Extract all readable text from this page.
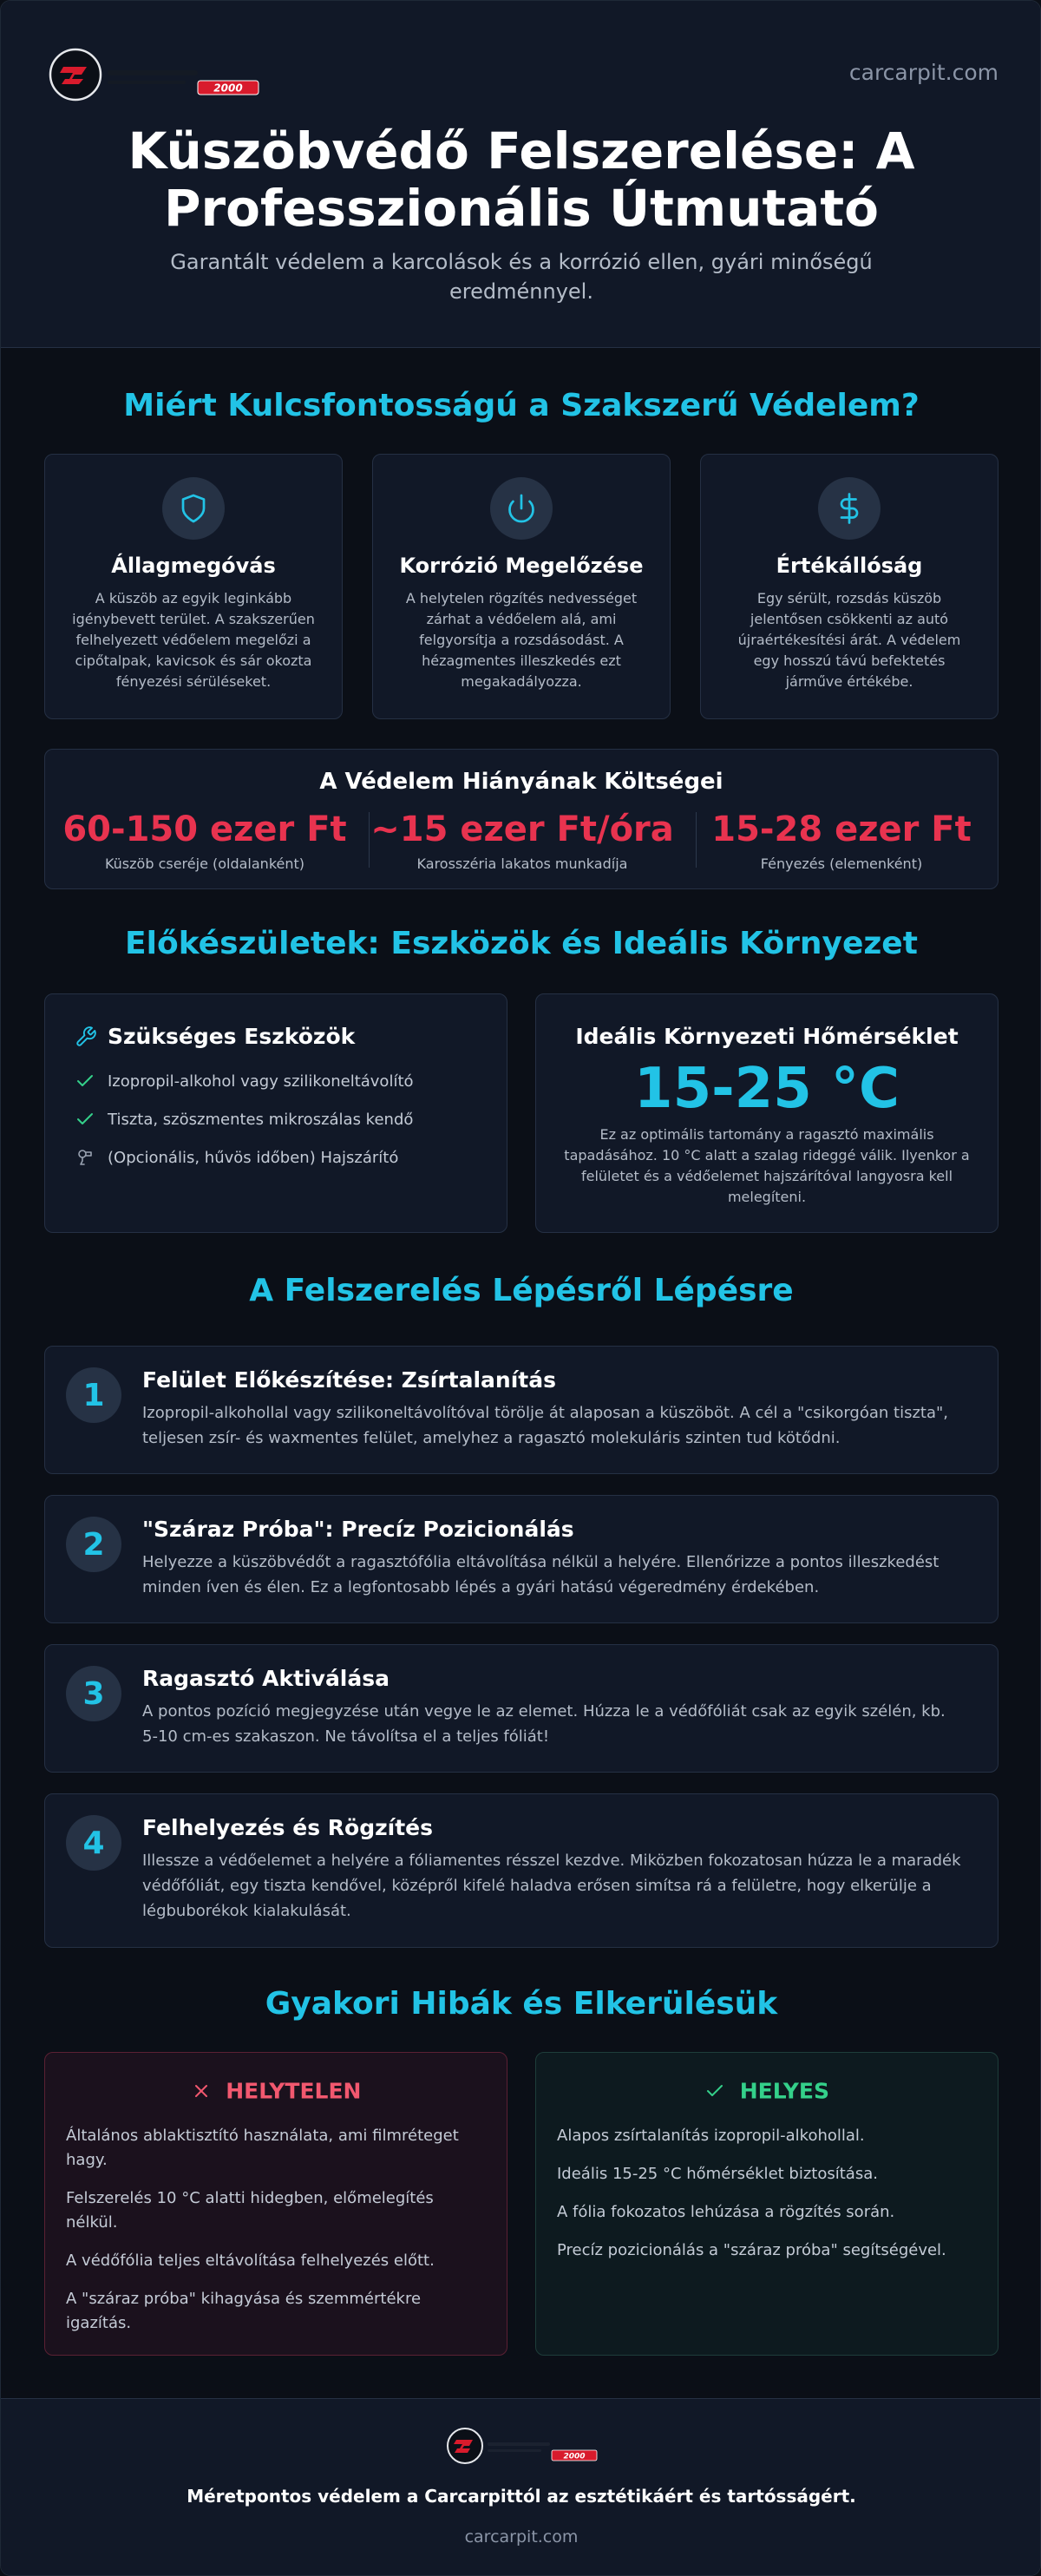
2000
carcarpit.com
Küszöbvédő Felszerelése: A
Professzionális Útmutató
Garantált védelem a karcolások és a korrózió ellen, gyári minőségű eredménnyel.
Miért Kulcsfontosságú a Szakszerű Védelem?
Állagmegóvás
A küszöb az egyik leginkább igénybevett terület. A szakszerűen felhelyezett védőelem megelőzi a cipőtalpak, kavicsok és sár okozta fényezési sérüléseket.
Korrózió Megelőzése
A helytelen rögzítés nedvességet zárhat a védőelem alá, ami felgyorsítja a rozsdásodást. A hézagmentes illeszkedés ezt megakadályozza.
Értékállóság
Egy sérült, rozsdás küszöb jelentősen csökkenti az autó újraértékesítési árát. A védelem egy hosszú távú befektetés járműve értékébe.
A Védelem Hiányának Költségei
60-150 ezer Ft
Küszöb cseréje (oldalanként)
~15 ezer Ft/óra
Karosszéria lakatos munkadíja
15-28 ezer Ft
Fényezés (elemenként)
Előkészületek: Eszközök és Ideális Környezet
Szükséges Eszközök
Izopropil-alkohol vagy szilikoneltávolító
Tiszta, szöszmentes mikroszálas kendő
(Opcionális, hűvös időben) Hajszárító
Ideális Környezeti Hőmérséklet
15-25 °C
Ez az optimális tartomány a ragasztó maximális tapadásához. 10 °C alatt a szalag rideggé válik. Ilyenkor a felületet és a védőelemet hajszárítóval langyosra kell melegíteni.
A Felszerelés Lépésről Lépésre
1	Felület Előkészítése: Zsírtalanítás
Izopropil-alkohollal vagy szilikoneltávolítóval törölje át alaposan a küszöböt. A cél a "csikorgóan tiszta", teljesen zsír- és waxmentes felület, amelyhez a ragasztó molekuláris szinten tud kötődni.
2	"Száraz Próba": Precíz Pozicionálás
Helyezze a küszöbvédőt a ragasztófólia eltávolítása nélkül a helyére. Ellenőrizze a pontos illeszkedést minden íven és élen. Ez a legfontosabb lépés a gyári hatású végeredmény érdekében.
3	Ragasztó Aktiválása
A pontos pozíció megjegyzése után vegye le az elemet. Húzza le a védőfóliát csak az egyik szélén, kb. 5-10 cm-es szakaszon. Ne távolítsa el a teljes fóliát!
4	Felhelyezés és Rögzítés
Illessze a védőelemet a helyére a fóliamentes résszel kezdve. Miközben fokozatosan húzza le a maradék védőfóliát, egy tiszta kendővel, középről kifelé haladva erősen simítsa rá a felületre, hogy elkerülje a légbuborékok kialakulását.
Gyakori Hibák és Elkerülésük
HELYTELEN
Általános ablaktisztító használata, ami filmréteget hagy.
Felszerelés 10 °C alatti hidegben, előmelegítés nélkül.
A védőfólia teljes eltávolítása felhelyezés előtt.
A "száraz próba" kihagyása és szemmértékre igazítás.
HELYES
Alapos zsírtalanítás izopropil-alkohollal.
Ideális 15-25 °C hőmérséklet biztosítása.
A fólia fokozatos lehúzása a rögzítés során.
Precíz pozicionálás a "száraz próba" segítségével.
2000
Méretpontos védelem a Carcarpittól az esztétikáért és tartósságért.
carcarpit.com
